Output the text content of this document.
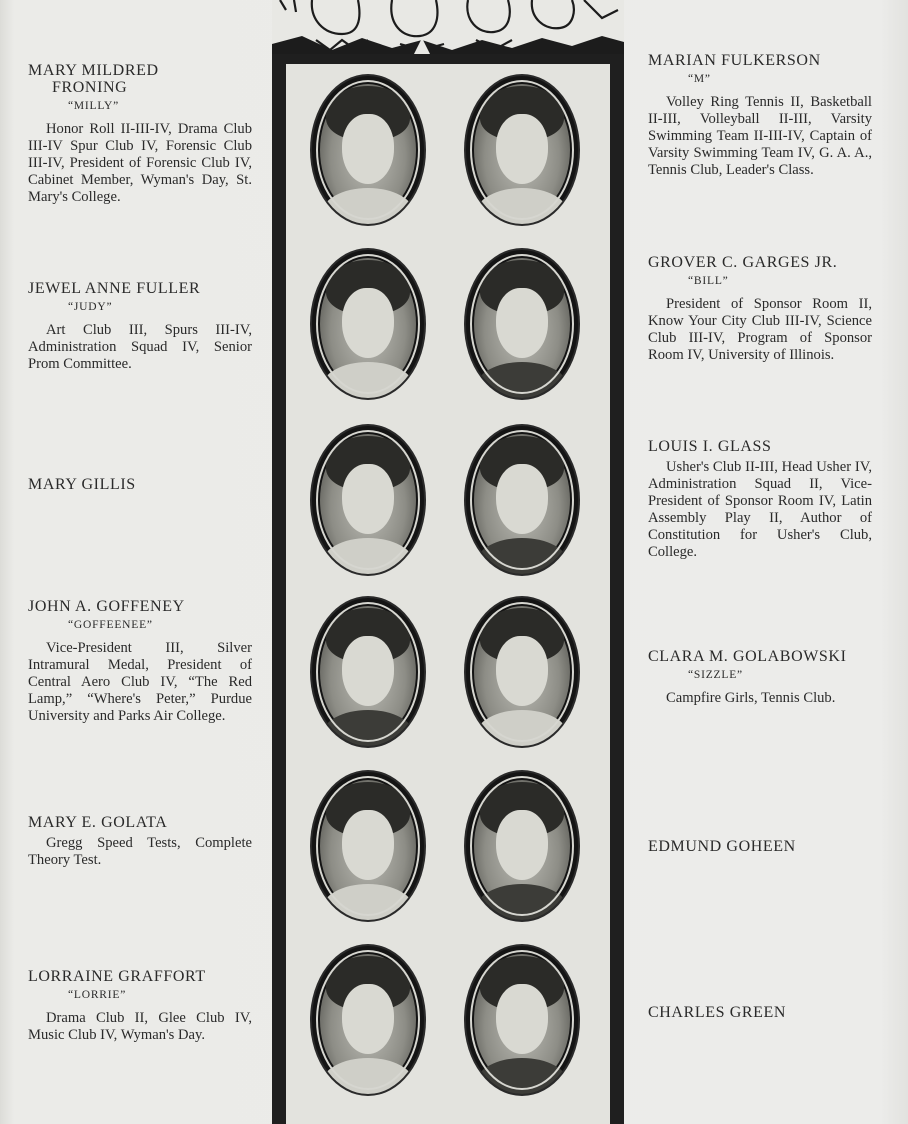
MARY MILDRED

FRONING

“MILLY”

Honor Roll II-III-IV, Drama Club III-IV Spur Club IV, Forensic Club III-IV, President of Forensic Club IV, Cabinet Member, Wyman's Day, St. Mary's College.

JEWEL ANNE FULLER

“JUDY”

Art Club III, Spurs III-IV, Administration Squad IV, Senior Prom Committee.

MARY GILLIS

JOHN A. GOFFENEY

“GOFFEENEE”

Vice-President III, Silver Intramural Medal, President of Central Aero Club IV, “The Red Lamp,” “Where's Peter,” Purdue University and Parks Air College.

MARY E. GOLATA

Gregg Speed Tests, Complete Theory Test.

LORRAINE GRAFFORT

“LORRIE”

Drama Club II, Glee Club IV, Music Club IV, Wyman's Day.

MARIAN FULKERSON

“M”

Volley Ring Tennis II, Basketball II-III, Volleyball II-III, Varsity Swimming Team II-III-IV, Captain of Varsity Swimming Team IV, G. A. A., Tennis Club, Leader's Class.

GROVER C. GARGES JR.

“BILL”

President of Sponsor Room II, Know Your City Club III-IV, Science Club III-IV, Program of Sponsor Room IV, University of Illinois.

LOUIS I. GLASS

Usher's Club II-III, Head Usher IV, Administration Squad II, Vice-President of Sponsor Room IV, Latin Assembly Play II, Author of Constitution for Usher's Club, College.

CLARA M. GOLABOWSKI

“SIZZLE”

Campfire Girls, Tennis Club.

EDMUND GOHEEN

CHARLES GREEN
